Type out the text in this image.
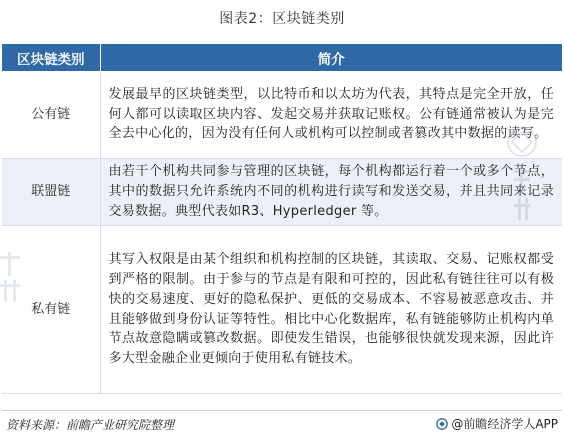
图表2：区块链类别
区块链类别	简介
公有链	发展最早的区块链类型，以比特币和以太坊为代表，其特点是完全开放，任何人都可以读取区块内容、发起交易并获取记账权。公有链通常被认为是完全去中心化的，因为没有任何人或机构可以控制或者篡改其中数据的读写。
联盟链	由若干个机构共同参与管理的区块链，每个机构都运行着一个或多个节点，其中的数据只允许系统内不同的机构进行读写和发送交易，并且共同来记录交易数据。典型代表如R3、Hyperledger 等。
私有链	其写入权限是由某个组织和机构控制的区块链，其读取、交易、记账权都受到严格的限制。由于参与的节点是有限和可控的，因此私有链往往可以有极快的交易速度、更好的隐私保护、更低的交易成本、不容易被恶意攻击、并且能够做到身份认证等特性。相比中心化数据库，私有链能够防止机构内单节点故意隐瞒或篡改数据。即使发生错误，也能够很快就发现来源，因此许多大型金融企业更倾向于使用私有链技术。
资料来源：前瞻产业研究院整理	@前瞻经济学人APP
